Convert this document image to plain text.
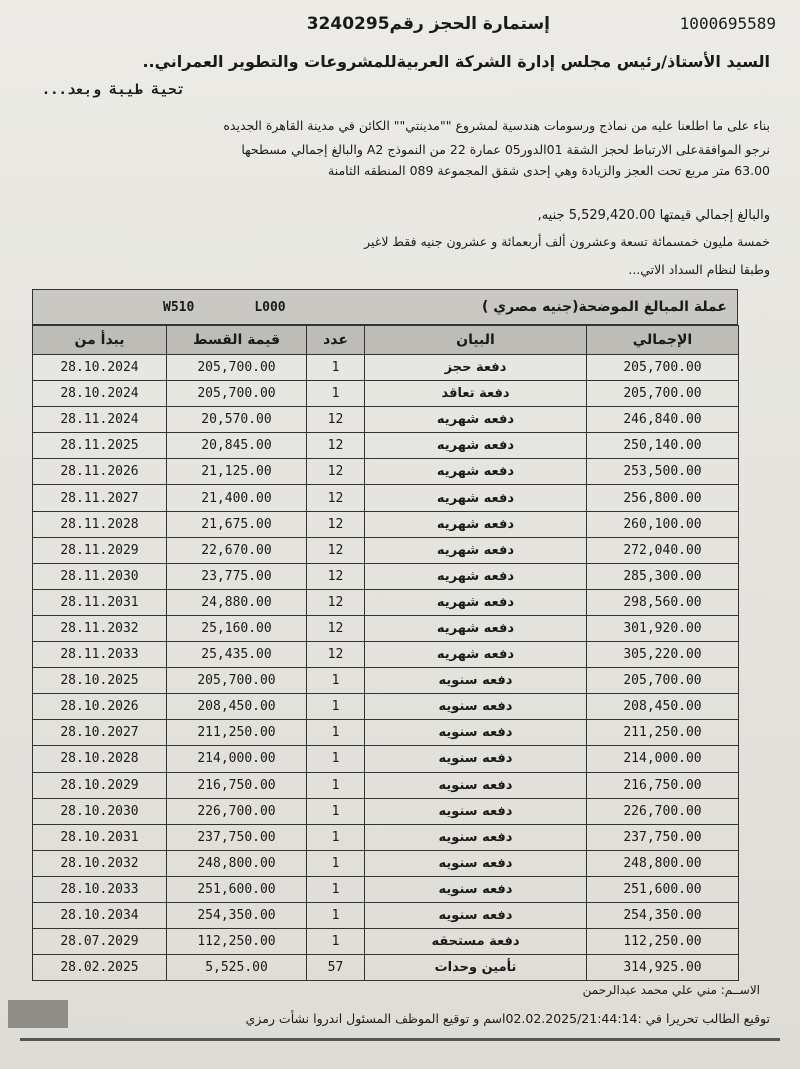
إستمارة الحجز رقم3240295	1000695589
السيد الأستاذ/رئيس مجلس إدارة الشركة العربيةللمشروعات والتطوير العمراني..
تحية طيبة وبعد...
بناء على ما اطلعنا عليه من نماذج ورسومات هندسية لمشروع ""مدينتي"" الكائن في مدينة القاهرة الجديده
نرجو الموافقةعلى الارتباط لحجز الشقة 01الدور05 عمارة 22 من النموذج A2 والبالغ إجمالي مسطحها
63.00 متر مربع تحت العجز والزيادة وهي إحدى شقق المجموعة 089 المنطقه الثامنة
والبالغ إجمالي قيمتها 5,529,420.00 جنيه,
خمسة مليون خمسمائة تسعة وعشرون ألف أربعمائة و عشرون جنيه فقط لاغير
وطبقا لنظام السداد الاتي...
W510	L000	عملة المبالغ الموضحة(جنيه مصري )
يبدأ من	قيمة القسط	عدد	البيان	الإجمالي
28.10.2024	205,700.00	1	دفعة حجز	205,700.00
28.10.2024	205,700.00	1	دفعة تعاقد	205,700.00
28.11.2024	20,570.00	12	دفعه شهريه	246,840.00
28.11.2025	20,845.00	12	دفعه شهريه	250,140.00
28.11.2026	21,125.00	12	دفعه شهريه	253,500.00
28.11.2027	21,400.00	12	دفعه شهريه	256,800.00
28.11.2028	21,675.00	12	دفعه شهريه	260,100.00
28.11.2029	22,670.00	12	دفعه شهريه	272,040.00
28.11.2030	23,775.00	12	دفعه شهريه	285,300.00
28.11.2031	24,880.00	12	دفعه شهريه	298,560.00
28.11.2032	25,160.00	12	دفعه شهريه	301,920.00
28.11.2033	25,435.00	12	دفعه شهريه	305,220.00
28.10.2025	205,700.00	1	دفعه سنويه	205,700.00
28.10.2026	208,450.00	1	دفعه سنويه	208,450.00
28.10.2027	211,250.00	1	دفعه سنويه	211,250.00
28.10.2028	214,000.00	1	دفعه سنويه	214,000.00
28.10.2029	216,750.00	1	دفعه سنويه	216,750.00
28.10.2030	226,700.00	1	دفعه سنويه	226,700.00
28.10.2031	237,750.00	1	دفعه سنويه	237,750.00
28.10.2032	248,800.00	1	دفعه سنويه	248,800.00
28.10.2033	251,600.00	1	دفعه سنويه	251,600.00
28.10.2034	254,350.00	1	دفعه سنويه	254,350.00
28.07.2029	112,250.00	1	دفعة مستحقه	112,250.00
28.02.2025	5,525.00	57	تأمين وحدات	314,925.00
الاســم: مني علي محمد عبدالرحمن
توقيع الطالب تحريرا في :02.02.2025/21:44:14اسم و توقيع الموظف المسئول اندروا نشأت رمزي
